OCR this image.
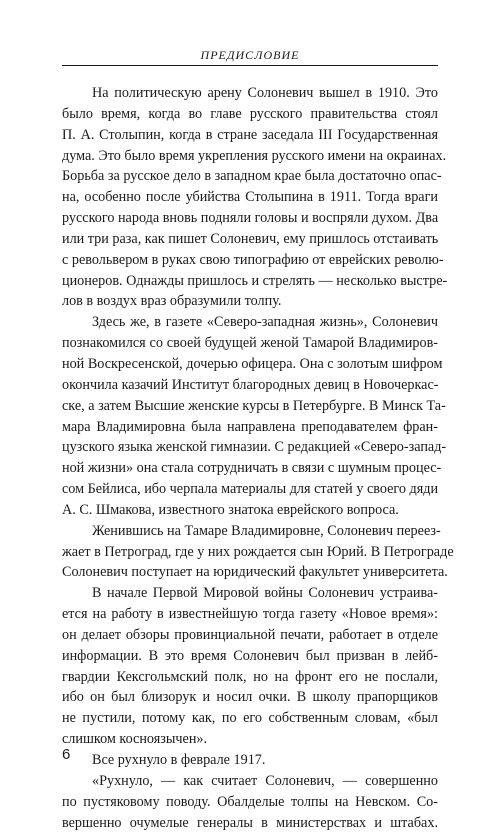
ПРЕДИСЛОВИЕ
На политическую арену Солоневич вышел в 1910. Это
было время, когда во главе русского правительства стоял
П. А. Столыпин, когда в стране заседала III Государственная
дума. Это было время укрепления русского имени на окраинах.
Борьба за русское дело в западном крае была достаточно опас-
на, особенно после убийства Столыпина в 1911. Тогда враги
русского народа вновь подняли головы и воспряли духом. Два
или три раза, как пишет Солоневич, ему пришлось отстаивать
с револьвером в руках свою типографию от еврейских револю-
ционеров. Однажды пришлось и стрелять — несколько выстре-
лов в воздух враз образумили толпу.
Здесь же, в газете «Северо-западная жизнь», Солоневич
познакомился со своей будущей женой Тамарой Владимиров-
ной Воскресенской, дочерью офицера. Она с золотым шифром
окончила казачий Институт благородных девиц в Новочеркас-
ске, а затем Высшие женские курсы в Петербурге. В Минск Та-
мара Владимировна была направлена преподавателем фран-
цузского языка женской гимназии. С редакцией «Северо-запад-
ной жизни» она стала сотрудничать в связи с шумным процес-
сом Бейлиса, ибо черпала материалы для статей у своего дяди
А. С. Шмакова, известного знатока еврейского вопроса.
Женившись на Тамаре Владимировне, Солоневич переез-
жает в Петроград, где у них рождается сын Юрий. В Петрограде
Солоневич поступает на юридический факультет университета.
В начале Первой Мировой войны Солоневич устраива-
ется на работу в известнейшую тогда газету «Новое время»:
он делает обзоры провинциальной печати, работает в отделе
информации. В это время Солоневич был призван в лейб-
гвардии Кексгольмский полк, но на фронт его не послали,
ибо он был близорук и носил очки. В школу прапорщиков
не пустили, потому как, по его собственным словам, «был
слишком косноязычен».
Все рухнуло в феврале 1917.
«Рухнуло, — как считает Солоневич, — совершенно
по пустяковому поводу. Обалделые толпы на Невском. Со-
вершенно очумелые генералы в министерствах и штабах.
6
